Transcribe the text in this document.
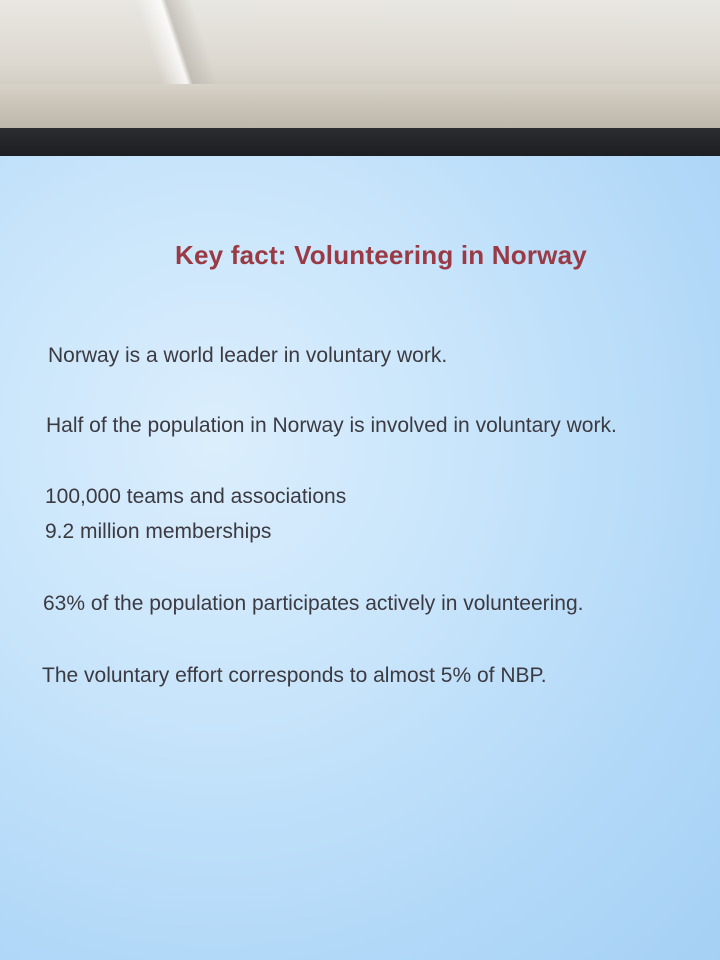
Key fact: Volunteering in Norway
Norway is a world leader in voluntary work.
Half of the population in Norway is involved in voluntary work.
100,000 teams and associations
9.2 million memberships
63% of the population participates actively in volunteering.
The voluntary effort corresponds to almost 5% of NBP.
